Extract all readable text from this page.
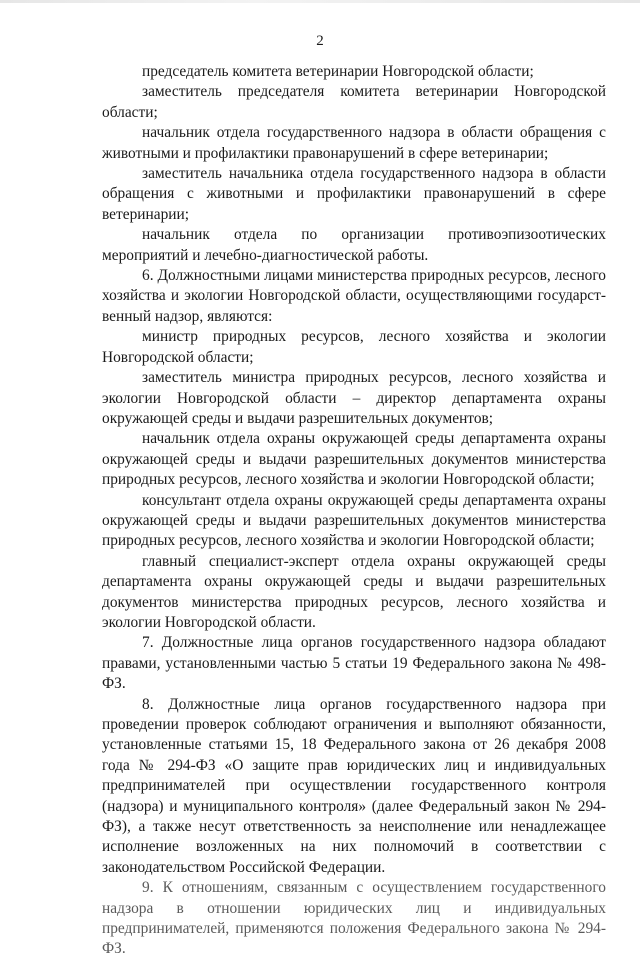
2

председатель комитета ветеринарии Новгородской области;

заместитель председателя комитета ветеринарии Новгородской области;

начальник отдела государственного надзора в области обращения с животными и профилактики правонарушений в сфере ветеринарии;

заместитель начальника отдела государственного надзора в области обращения с животными и профилактики правонарушений в сфере ветеринарии;

начальник отдела по организации противоэпизоотических мероприятий и лечебно-диагностической работы.

6. Должностными лицами министерства природных ресурсов, лесного хозяйства и экологии Новгородской области, осуществляющими государст-венный надзор, являются:

министр природных ресурсов, лесного хозяйства и экологии Новгородской области;

заместитель министра природных ресурсов, лесного хозяйства и экологии Новгородской области – директор департамента охраны окружающей среды и выдачи разрешительных документов;

начальник отдела охраны окружающей среды департамента охраны окружающей среды и выдачи разрешительных документов министерства природных ресурсов, лесного хозяйства и экологии Новгородской области;

консультант отдела охраны окружающей среды департамента охраны окружающей среды и выдачи разрешительных документов министерства природных ресурсов, лесного хозяйства и экологии Новгородской области;

главный специалист-эксперт отдела охраны окружающей среды департамента охраны окружающей среды и выдачи разрешительных документов министерства природных ресурсов, лесного хозяйства и экологии Новгородской области.

7. Должностные лица органов государственного надзора обладают правами, установленными частью 5 статьи 19 Федерального закона № 498-ФЗ.

8. Должностные лица органов государственного надзора при проведении проверок соблюдают ограничения и выполняют обязанности, установленные статьями 15, 18 Федерального закона от 26 декабря 2008 года № 294-ФЗ «О защите прав юридических лиц и индивидуальных предпринимателей при осуществлении государственного контроля (надзора) и муниципального контроля» (далее Федеральный закон № 294-ФЗ), а также несут ответственность за неисполнение или ненадлежащее исполнение возложенных на них полномочий в соответствии с законодательством Российской Федерации.

9. К отношениям, связанным с осуществлением государственного надзора в отношении юридических лиц и индивидуальных предпринимателей, применяются положения Федерального закона № 294-ФЗ.
